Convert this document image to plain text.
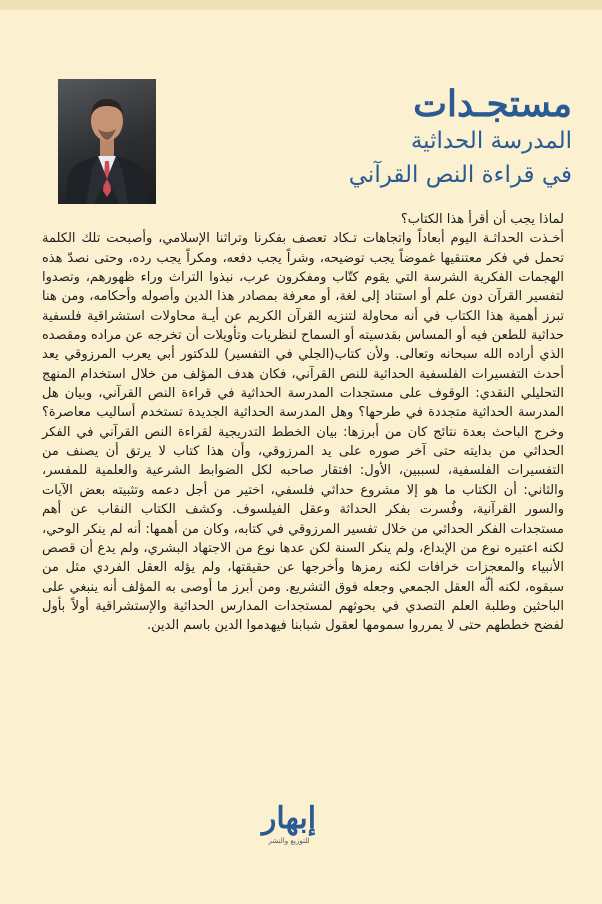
مستجـدات
المدرسة الحداثية
في قراءة النص القرآني

لماذا يجب أن أقرأ هذا الكتاب؟

أخـذت الحداثـة اليوم أبعاداً واتجاهات تـكاد تعصف بفكرنا وتراثنا الإسلامي، وأصبحت تلك الكلمة تحمل في فكر معتنقيها غموضاً يجب توضيحه، وشراً يجب دفعه، ومكراً يجب رده، وحتى نصدّ هذه الهجمات الفكرية الشرسة التي يقوم كتّاب ومفكرون عرب، نبذوا التراث وراء ظهورهم، وتصدوا لتفسير القرآن دون علم أو استناد إلى لغة، أو معرفة بمصادر هذا الدين وأصوله وأحكامه، ومن هنا تبرز أهمية هذا الكتاب في أنه محاولة لتنزيه القرآن الكريم عن أيـة محاولات استشراقية فلسفية حداثية للطعن فيه أو المساس بقدسيته أو السماح لنظريات وتأويلات أن تخرجه عن مراده ومقصده الذي أراده الله سبحانه وتعالى. ولأن كتاب(الجلي في التفسير) للدكتور أبي يعرب المرزوقي يعد أحدث التفسيرات الفلسفية الحداثية للنص القرآني، فكان هدف المؤلف من خلال استخدام المنهج التحليلي النقدي: الوقوف على مستجدات المدرسة الحداثية في قراءة النص القرآني، وبيان هل المدرسة الحداثية متجددة في طرحها؟ وهل المدرسة الحداثية الجديدة تستخدم أساليب معاصرة؟ وخرج الباحث بعدة نتائج كان من أبرزها: بيان الخطط التدريجية لقراءة النص القرآني في الفكر الحداثي من بدايته حتى آخر صوره على يد المرزوقي، وأن هذا كتاب لا يرتق أن يصنف من التفسيرات الفلسفية، لسببين، الأول: افتقار صاحبه لكل الضوابط الشرعية والعلمية للمفسر، والثاني: أن الكتاب ما هو إلا مشروع حداثي فلسفي، اختير من أجل دعمه وتثبيته بعض الآيات والسور القرآنية، وفُسرت بفكر الحداثة وعقل الفيلسوف. وكشف الكتاب النقاب عن أهم مستجدات الفكر الحداثي من خلال تفسير المرزوقي في كتابه، وكان من أهمها: أنه لم ينكر الوحي، لكنه اعتبره نوع من الإبداع، ولم ينكر السنة لكن عدها نوع من الاجتهاد البشري، ولم يدع أن قصص الأنبياء والمعجزات خرافات لكنه رمزها وأخرجها عن حقيقتها، ولم يؤله العقل الفردي مثل من سبقوه، لكنه ألّه العقل الجمعي وجعله فوق التشريع. ومن أبرز ما أوصى به المؤلف أنه ينبغي على الباحثين وطلبة العلم التصدي في بحوثهم لمستجدات المدارس الحداثية والإستشراقية أولاً بأول لفضح خططهم حتى لا يمرروا سمومها لعقول شبابنا فيهدموا الدين باسم الدين.

إبهار
للتوزيع والنشر
